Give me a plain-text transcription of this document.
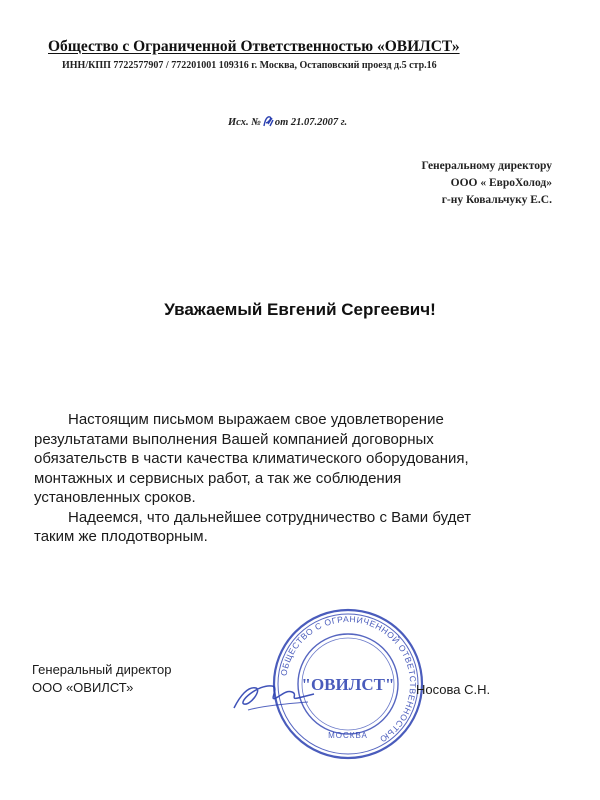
Общество с Ограниченной Ответственностью «ОВИЛСТ»
ИНН/КПП 7722577907 / 772201001 109316 г. Москва, Остаповский проезд д.5 стр.16
Исх. № от 21.07.2007 г.
Генеральному директору
ООО « ЕвроХолод»
г-ну Ковальчуку Е.С.
Уважаемый Евгений Сергеевич!

Настоящим письмом выражаем свое удовлетворение

результатами выполнения Вашей компанией договорных

обязательств в части качества климатического оборудования,

монтажных и сервисных работ, а так же соблюдения

установленных сроков.

Надеемся, что дальнейшее сотрудничество с Вами будет

таким же плодотворным.

Генеральный директор
ООО «ОВИЛСТ»
ОБЩЕСТВО С ОГРАНИЧЕННОЙ ОТВЕТСТВЕННОСТЬЮ
МОСКВА
"ОВИЛСТ" Носова С.Н.
